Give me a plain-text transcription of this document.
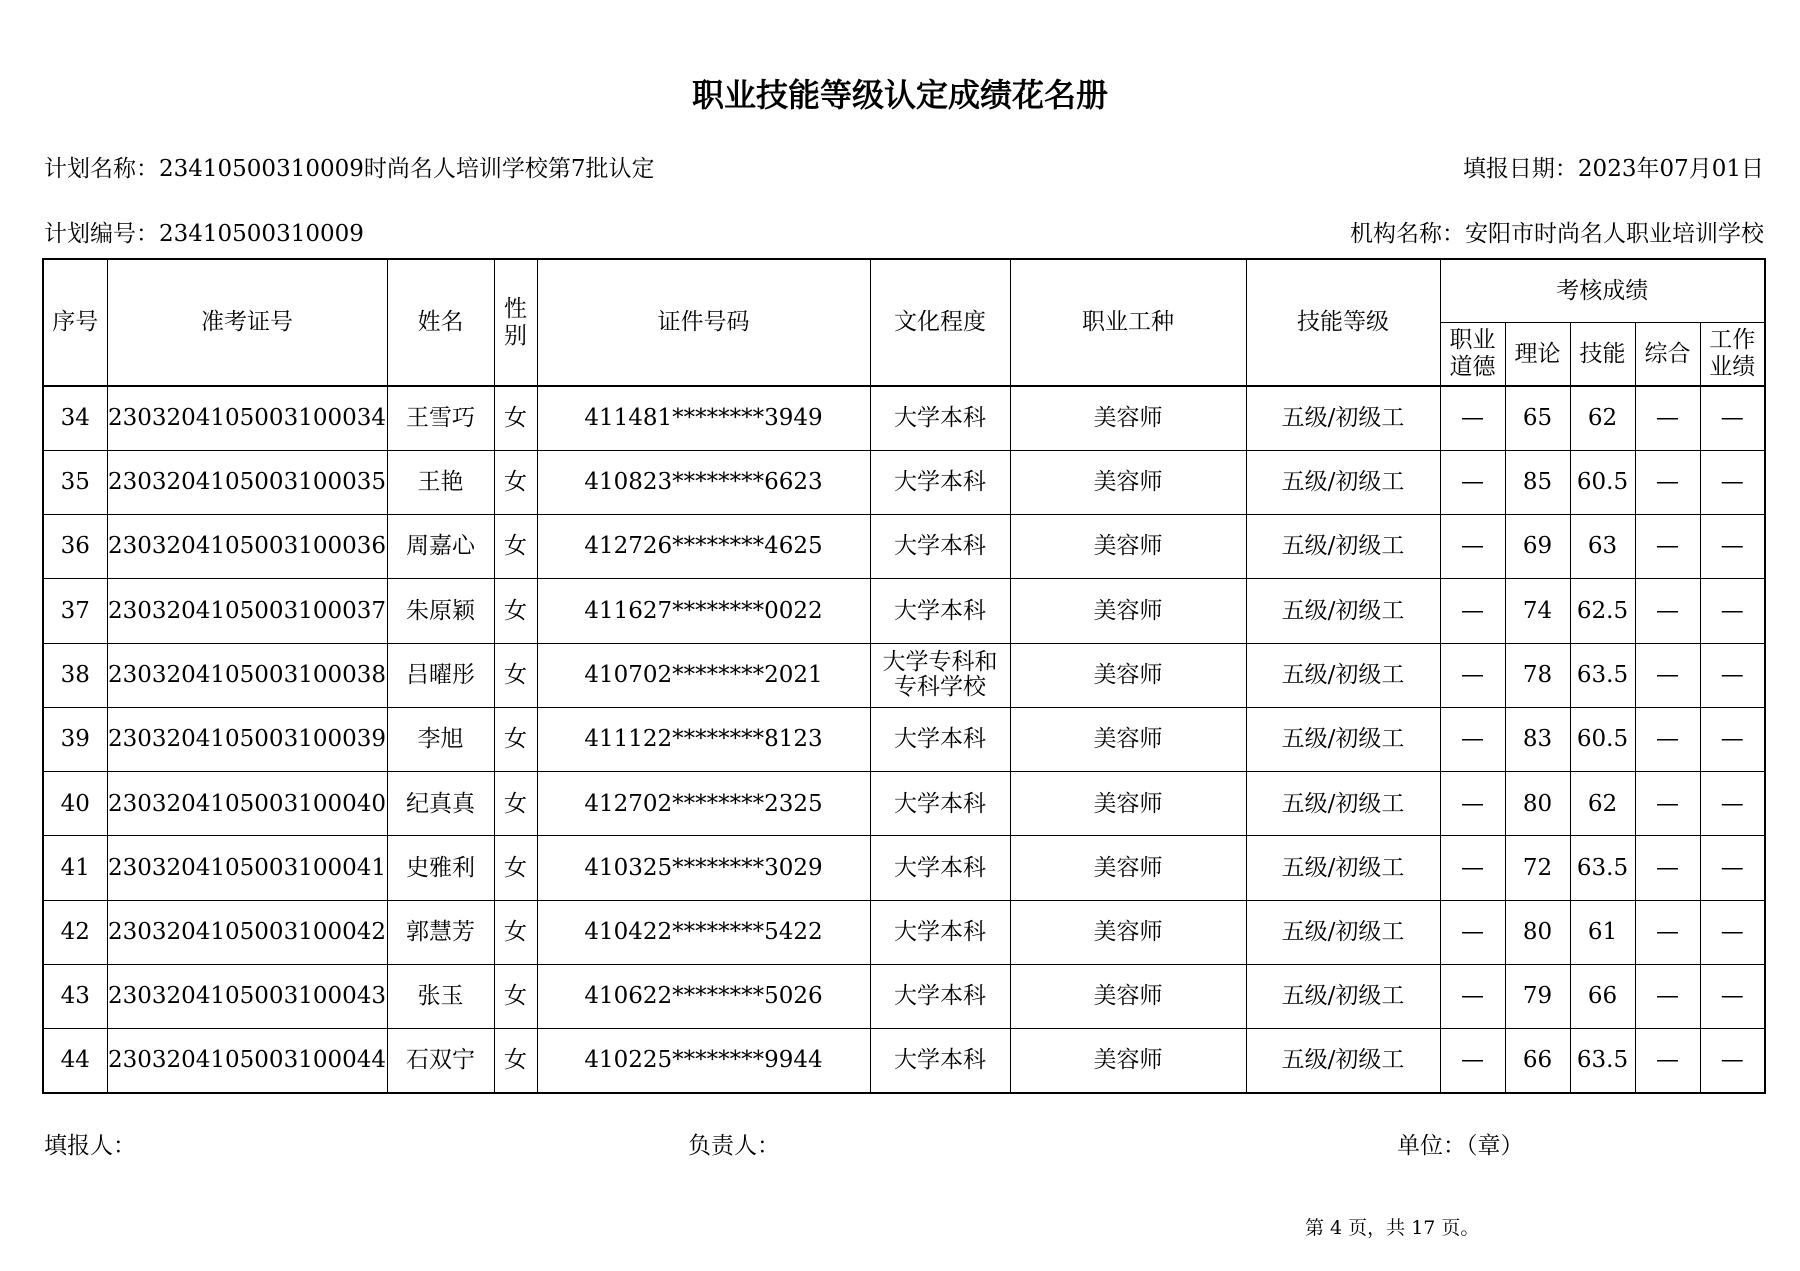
职业技能等级认定成绩花名册
计划名称：23410500310009时尚名人培训学校第7批认定	填报日期：2023年07月01日
计划编号：23410500310009	机构名称：安阳市时尚名人职业培训学校
序号	准考证号	姓名	性别	证件号码	文化程度	职业工种	技能等级	考核成绩				

								职业道德	理论	技能	综合	工作业绩

34	2303204105003100034	王雪巧	女	411481********3949	大学本科	美容师	五级/初级工	—	65	62	—	—
35	2303204105003100035	王艳	女	410823********6623	大学本科	美容师	五级/初级工	—	85	60.5	—	—
36	2303204105003100036	周嘉心	女	412726********4625	大学本科	美容师	五级/初级工	—	69	63	—	—
37	2303204105003100037	朱原颖	女	411627********0022	大学本科	美容师	五级/初级工	—	74	62.5	—	—
38	2303204105003100038	吕曜彤	女	410702********2021	大学专科和专科学校	美容师	五级/初级工	—	78	63.5	—	—
39	2303204105003100039	李旭	女	411122********8123	大学本科	美容师	五级/初级工	—	83	60.5	—	—
40	2303204105003100040	纪真真	女	412702********2325	大学本科	美容师	五级/初级工	—	80	62	—	—
41	2303204105003100041	史雅利	女	410325********3029	大学本科	美容师	五级/初级工	—	72	63.5	—	—
42	2303204105003100042	郭慧芳	女	410422********5422	大学本科	美容师	五级/初级工	—	80	61	—	—
43	2303204105003100043	张玉	女	410622********5026	大学本科	美容师	五级/初级工	—	79	66	—	—
44	2303204105003100044	石双宁	女	410225********9944	大学本科	美容师	五级/初级工	—	66	63.5	—	—
填报人：	负责人：	单位：（章）
第 4 页，共 17 页。
